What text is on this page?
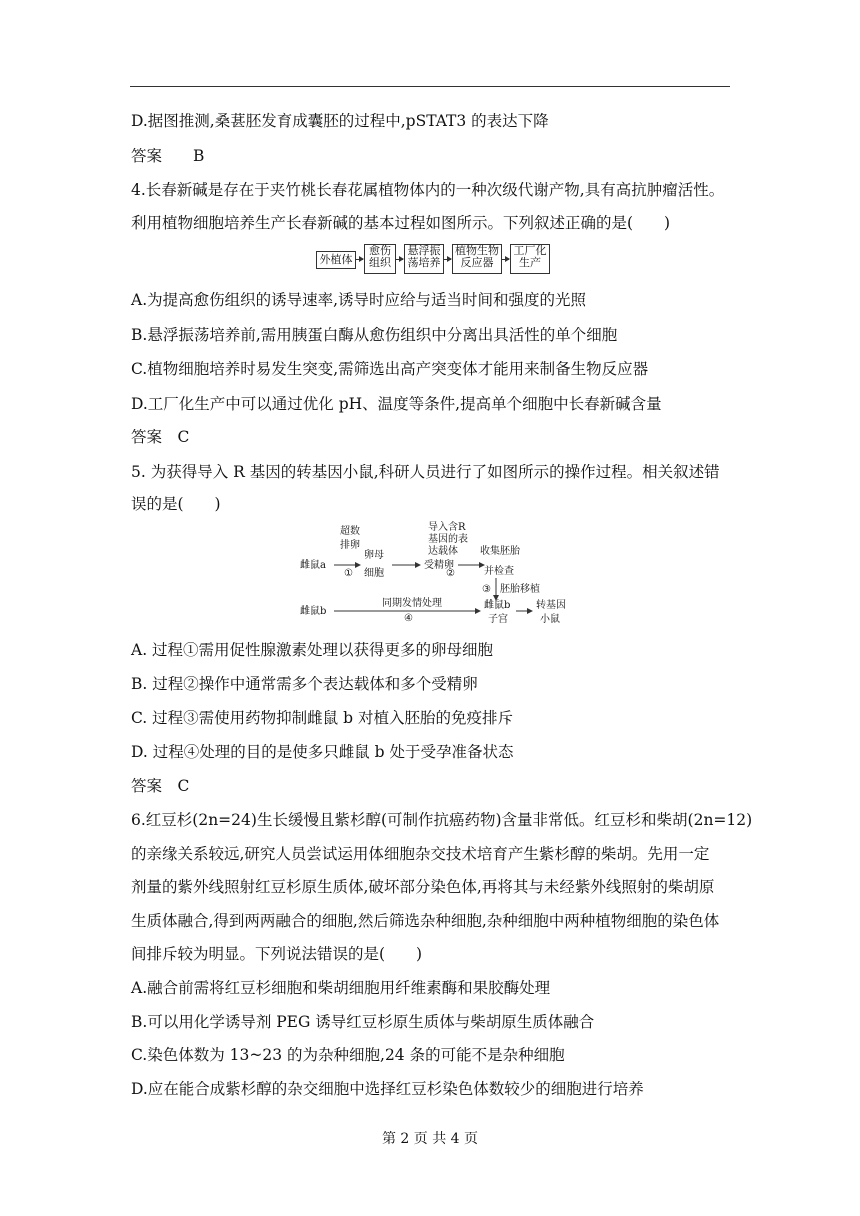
D.据图推测,桑葚胚发育成囊胚的过程中,pSTAT3 的表达下降
答案　　B
4.长春新碱是存在于夹竹桃长春花属植物体内的一种次级代谢产物,具有高抗肿瘤活性。
利用植物细胞培养生产长春新碱的基本过程如图所示。下列叙述正确的是(　　)
外植体
愈伤
组织
悬浮振
荡培养
植物生物
反应器
工厂化
生产
A.为提高愈伤组织的诱导速率,诱导时应给与适当时间和强度的光照
B.悬浮振荡培养前,需用胰蛋白酶从愈伤组织中分离出具活性的单个细胞
C.植物细胞培养时易发生突变,需筛选出高产突变体才能用来制备生物反应器
D.工厂化生产中可以通过优化 pH、温度等条件,提高单个细胞中长春新碱含量
答案　C
5. 为获得导入 R 基因的转基因小鼠,科研人员进行了如图所示的操作过程。相关叙述错
误的是(　　)
雌鼠a
超数
排卵
①
卵母
细胞
受精卵
导入含R
基因的表
达载体
②
收集胚胎
并检查
③ 胚胎移植
雌鼠b
同期发情处理
④
雌鼠b
子宫
转基因
小鼠
A. 过程①需用促性腺激素处理以获得更多的卵母细胞
B. 过程②操作中通常需多个表达载体和多个受精卵
C. 过程③需使用药物抑制雌鼠 b 对植入胚胎的免疫排斥
D. 过程④处理的目的是使多只雌鼠 b 处于受孕准备状态
答案　C
6.红豆杉(2n=24)生长缓慢且紫杉醇(可制作抗癌药物)含量非常低。红豆杉和柴胡(2n=12)
的亲缘关系较远,研究人员尝试运用体细胞杂交技术培育产生紫杉醇的柴胡。先用一定
剂量的紫外线照射红豆杉原生质体,破坏部分染色体,再将其与未经紫外线照射的柴胡原
生质体融合,得到两两融合的细胞,然后筛选杂种细胞,杂种细胞中两种植物细胞的染色体
间排斥较为明显。下列说法错误的是(　　)
A.融合前需将红豆杉细胞和柴胡细胞用纤维素酶和果胶酶处理
B.可以用化学诱导剂 PEG 诱导红豆杉原生质体与柴胡原生质体融合
C.染色体数为 13~23 的为杂种细胞,24 条的可能不是杂种细胞
D.应在能合成紫杉醇的杂交细胞中选择红豆杉染色体数较少的细胞进行培养
第 2 页 共 4 页
